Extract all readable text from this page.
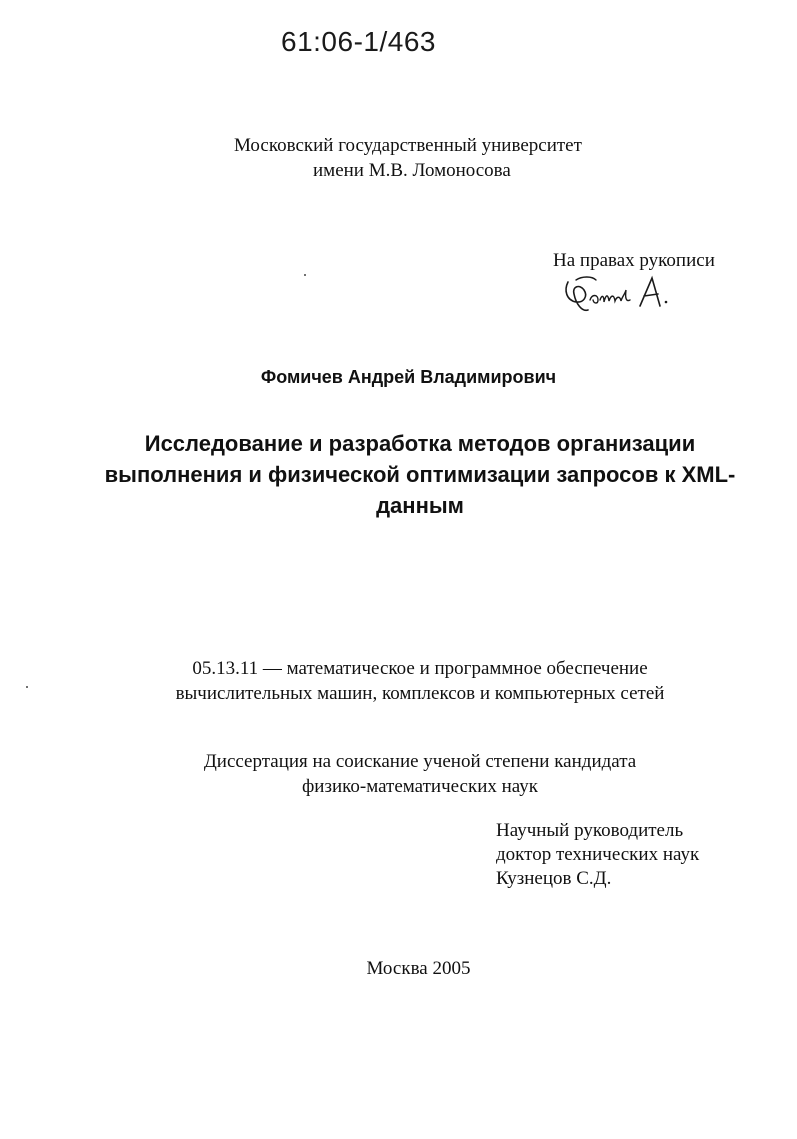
61:06-1/463
Московский государственный университет
имени М.В. Ломоносова
На правах рукописи
Фомичев Андрей Владимирович
Исследование и разработка методов организации выполнения и физической оптимизации запросов к XML-данным
05.13.11 — математическое и программное обеспечение
вычислительных машин, комплексов и компьютерных сетей
Диссертация на соискание ученой степени кандидата
физико-математических наук
Научный руководитель
доктор технических наук
Кузнецов С.Д.
Москва 2005
